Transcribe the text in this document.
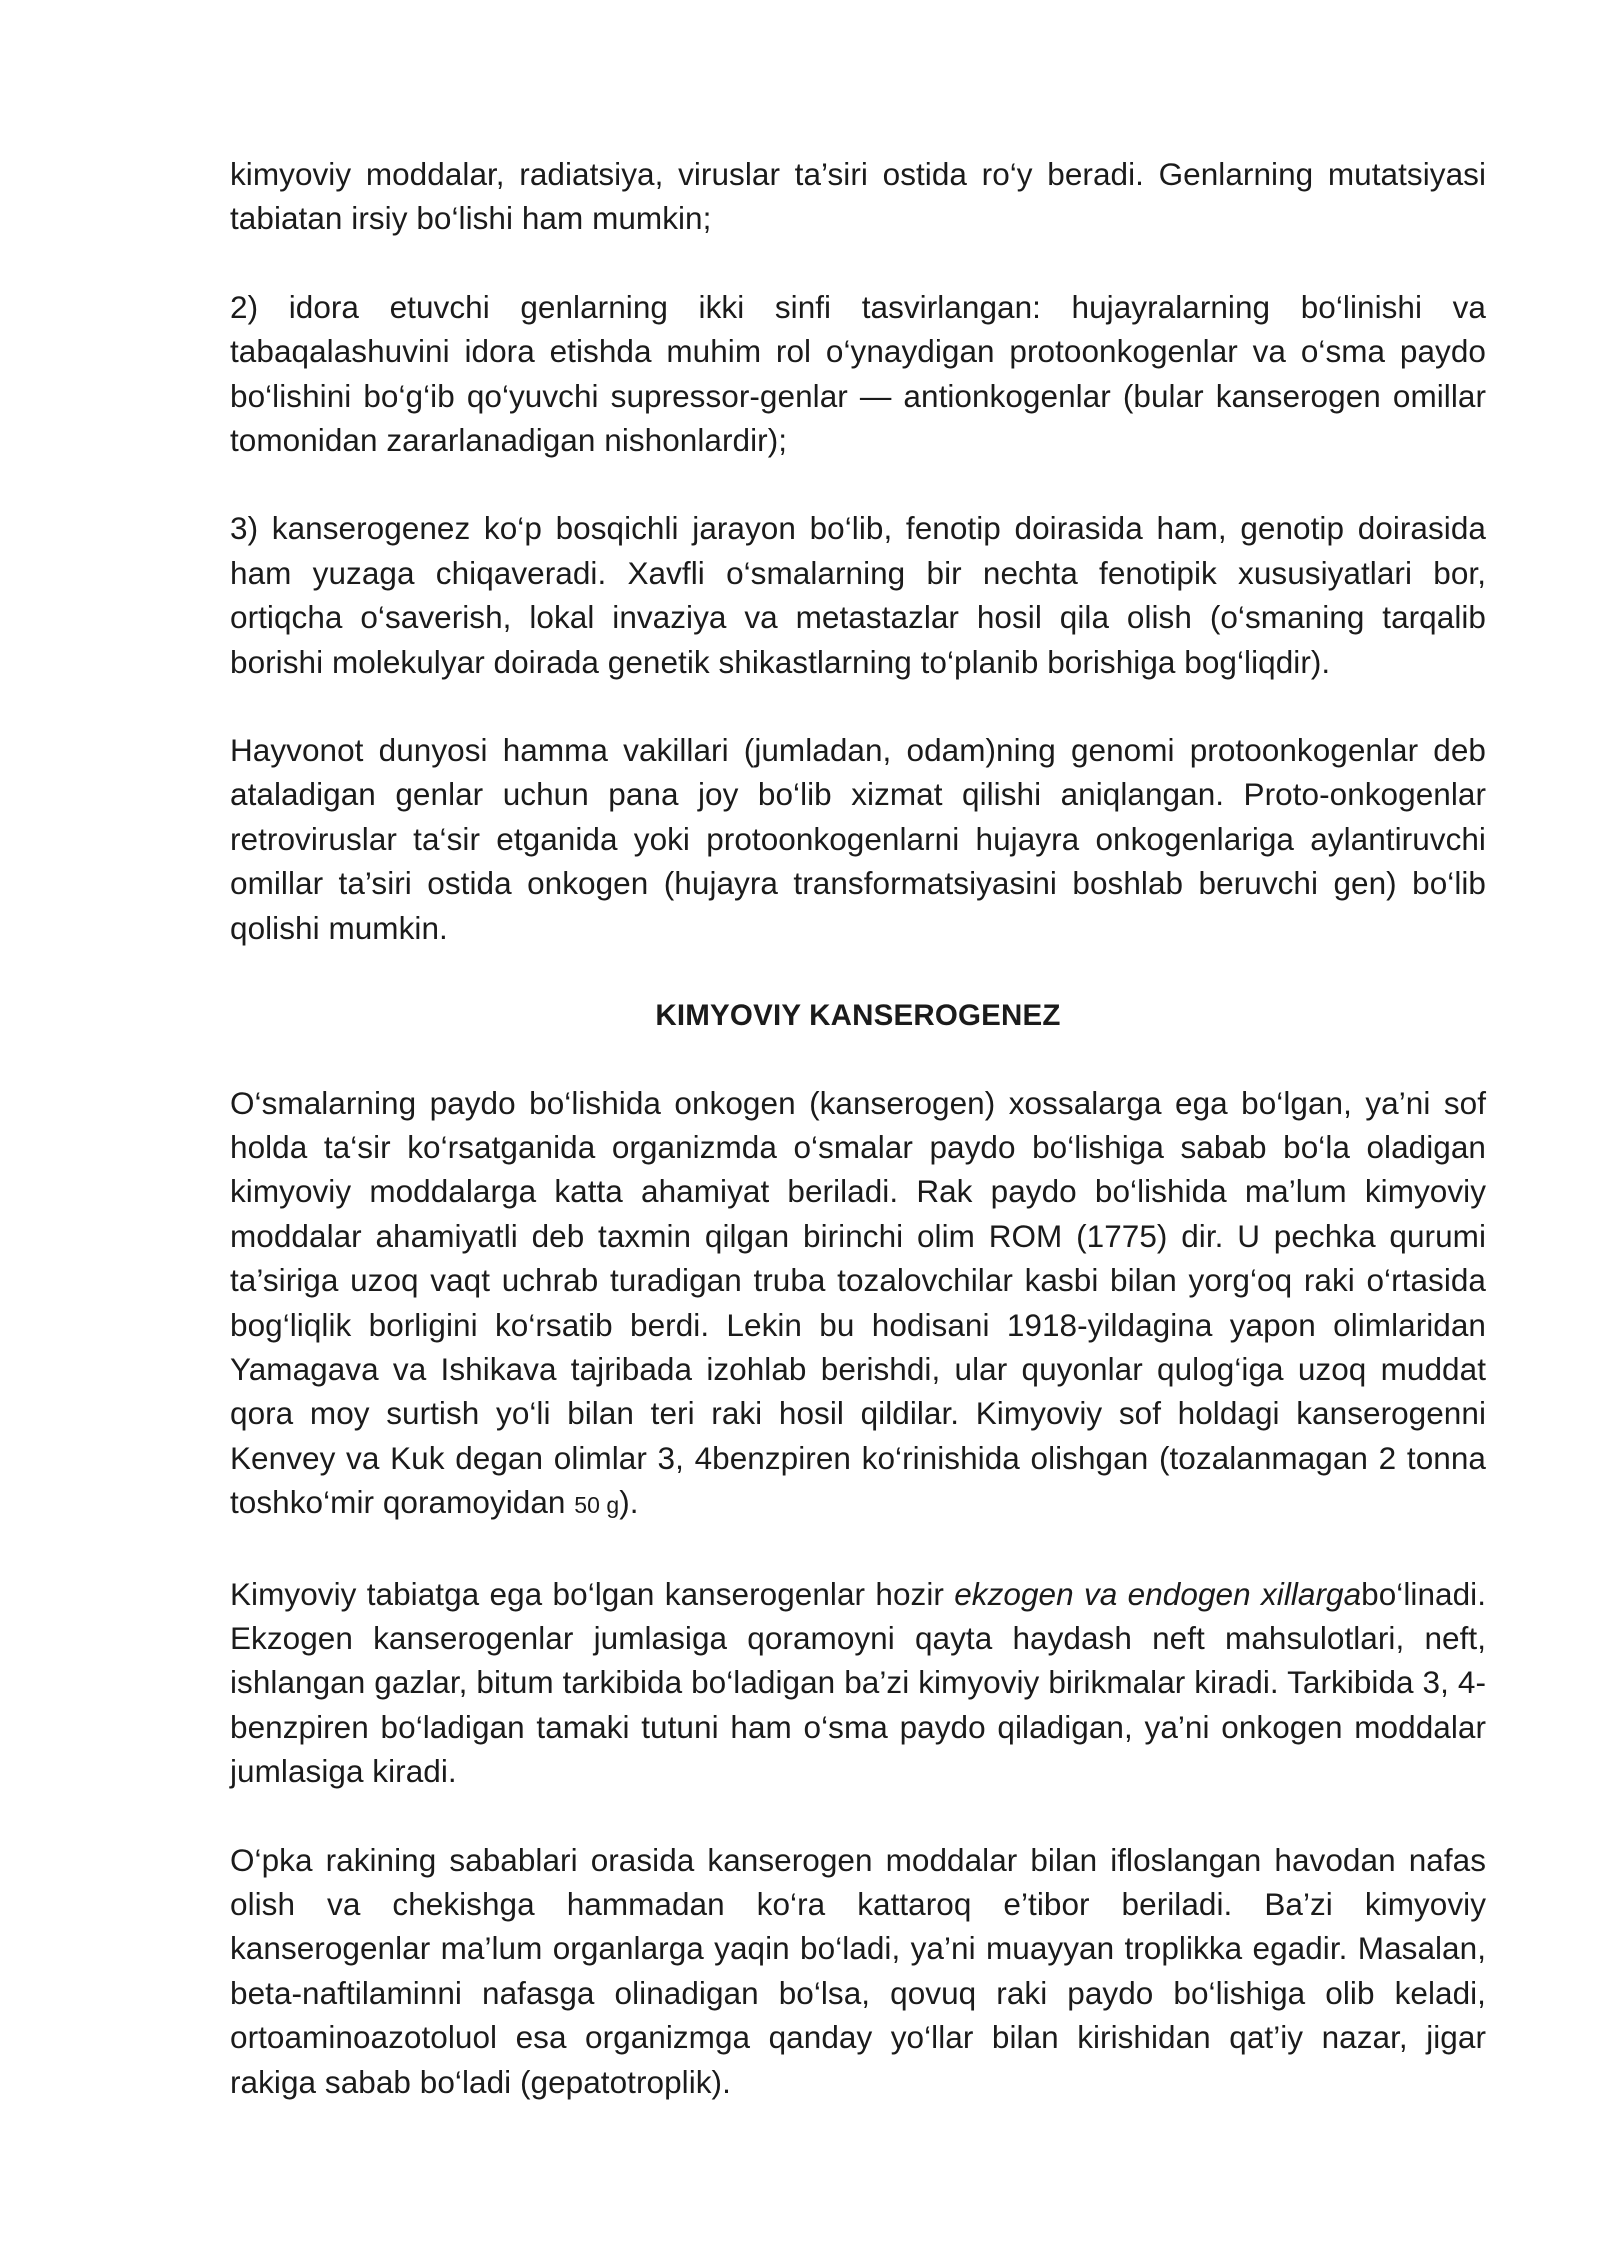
kimyoviy moddalar, radiatsiya, viruslar ta’siri ostida ro‘y beradi. Genlarning mutatsiyasi tabiatan irsiy bo‘lishi ham mumkin;

2) idora etuvchi genlarning ikki sinfi tasvirlangan: hujayralarning bo‘linishi va tabaqalashuvini idora etishda muhim rol o‘ynaydigan protoonkogenlar va o‘sma paydo bo‘lishini bo‘g‘ib qo‘yuvchi supressor-genlar — antionkogenlar (bular kanserogen omillar tomonidan zararlanadigan nishonlardir);

3) kanserogenez ko‘p bosqichli jarayon bo‘lib, fenotip doirasida ham, genotip doirasida ham yuzaga chiqaveradi. Xavfli o‘smalarning bir nechta fenotipik xususiyatlari bor, ortiqcha o‘saverish, lokal invaziya va metastazlar hosil qila olish (o‘smaning tarqalib borishi molekulyar doirada genetik shikastlarning to‘planib borishiga bog‘liqdir).

Hayvonot dunyosi hamma vakillari (jumladan, odam)ning genomi protoonkogenlar deb ataladigan genlar uchun pana joy bo‘lib xizmat qilishi aniqlangan. Proto-onkogenlar retroviruslar ta‘sir etganida yoki protoonkogenlarni hujayra onkogenlariga aylantiruvchi omillar ta’siri ostida onkogen (hujayra transformatsiyasini boshlab beruvchi gen) bo‘lib qolishi mumkin.

KIMYOVIY KANSEROGENEZ

O‘smalarning paydo bo‘lishida onkogen (kanserogen) xossalarga ega bo‘lgan, ya’ni sof holda ta‘sir ko‘rsatganida organizmda o‘smalar paydo bo‘lishiga sabab bo‘la oladigan kimyoviy moddalarga katta ahamiyat beriladi. Rak paydo bo‘lishida ma’lum kimyoviy moddalar ahamiyatli deb taxmin qilgan birinchi olim ROM (1775) dir. U pechka qurumi ta’siriga uzoq vaqt uchrab turadigan truba tozalovchilar kasbi bilan yorg‘oq raki o‘rtasida bog‘liqlik borligini ko‘rsatib berdi. Lekin bu hodisani 1918-yildagina yapon olimlaridan Yamagava va Ishikava tajribada izohlab berishdi, ular quyonlar qulog‘iga uzoq muddat qora moy surtish yo‘li bilan teri raki hosil qildilar. Kimyoviy sof holdagi kanserogenni Kenvey va Kuk degan olimlar 3, 4benzpiren ko‘rinishida olishgan (tozalanmagan 2 tonna toshko‘mir qoramoyidan 50 g).

Kimyoviy tabiatga ega bo‘lgan kanserogenlar hozir ekzogen va endogen xillargabo‘linadi. Ekzogen kanserogenlar jumlasiga qoramoyni qayta haydash neft mahsulotlari, neft, ishlangan gazlar, bitum tarkibida bo‘ladigan ba’zi kimyoviy birikmalar kiradi. Tarkibida 3, 4-benzpiren bo‘ladigan tamaki tutuni ham o‘sma paydo qiladigan, ya’ni onkogen moddalar jumlasiga kiradi.

O‘pka rakining sabablari orasida kanserogen moddalar bilan ifloslangan havodan nafas olish va chekishga hammadan ko‘ra kattaroq e’tibor beriladi. Ba’zi kimyoviy kanserogenlar ma’lum organlarga yaqin bo‘ladi, ya’ni muayyan troplikka egadir. Masalan, beta-naftilaminni nafasga olinadigan bo‘lsa, qovuq raki paydo bo‘lishiga olib keladi, ortoaminoazotoluol esa organizmga qanday yo‘llar bilan kirishidan qat’iy nazar, jigar rakiga sabab bo‘ladi (gepatotroplik).
